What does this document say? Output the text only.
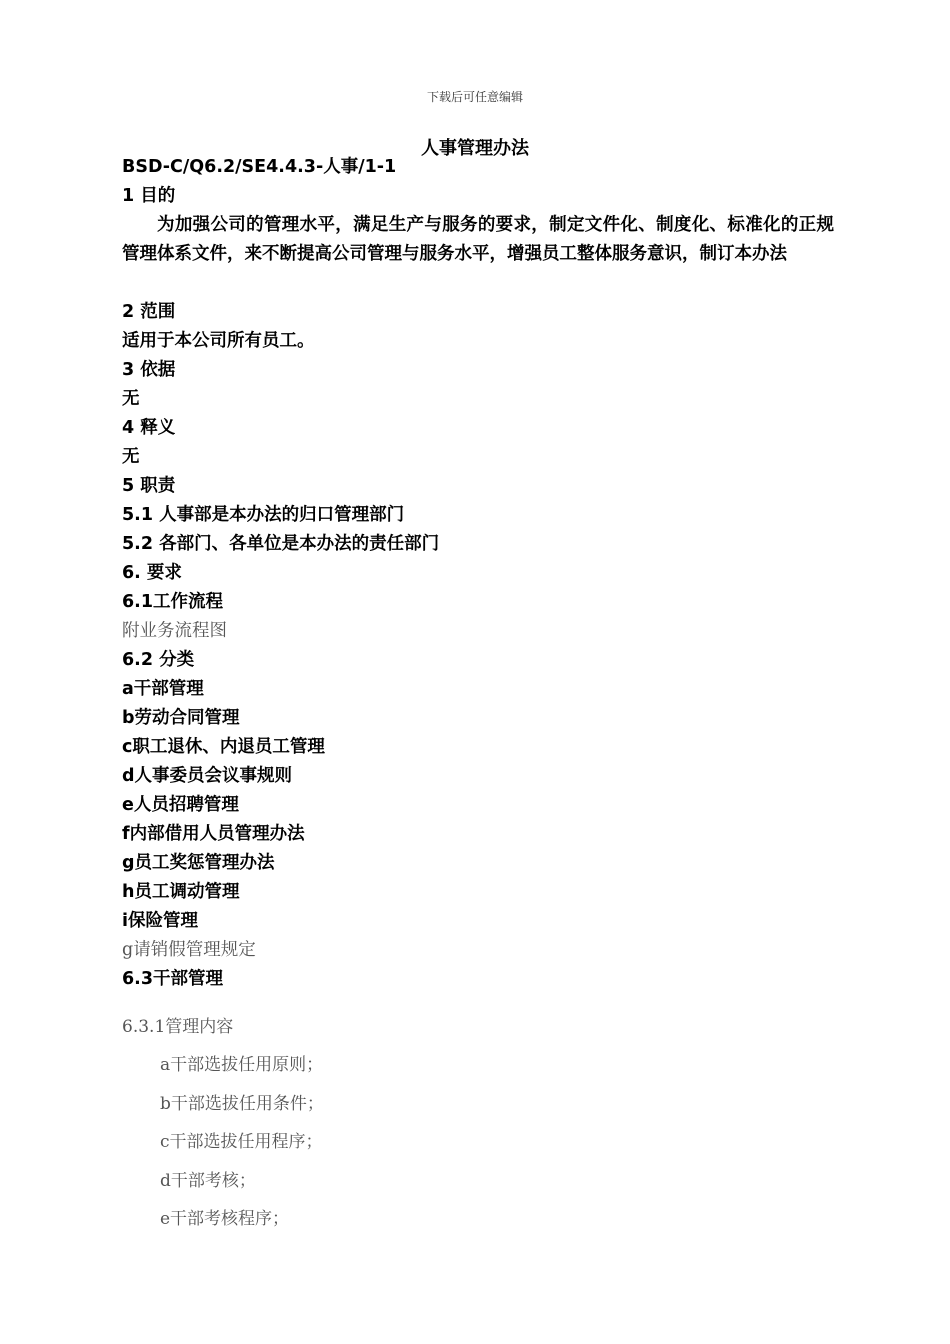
下载后可任意编辑
人事管理办法
BSD-C/Q6.2/SE4.4.3-人事/1-1
1 目的
为加强公司的管理水平，满足生产与服务的要求，制定文件化、制度化、标准化的正规管理体系文件，来不断提高公司管理与服务水平，增强员工整体服务意识，制订本办法
2 范围
适用于本公司所有员工。
3 依据
无
4 释义
无
5 职责
5.1 人事部是本办法的归口管理部门
5.2 各部门、各单位是本办法的责任部门
6. 要求
6.1工作流程
附业务流程图
6.2 分类
a干部管理
b劳动合同管理
c职工退休、内退员工管理
d人事委员会议事规则
e人员招聘管理
f内部借用人员管理办法
g员工奖惩管理办法
h员工调动管理
i保险管理
g请销假管理规定
6.3干部管理
6.3.1管理内容
a干部选拔任用原则；
b干部选拔任用条件；
c干部选拔任用程序；
d干部考核；
e干部考核程序；
